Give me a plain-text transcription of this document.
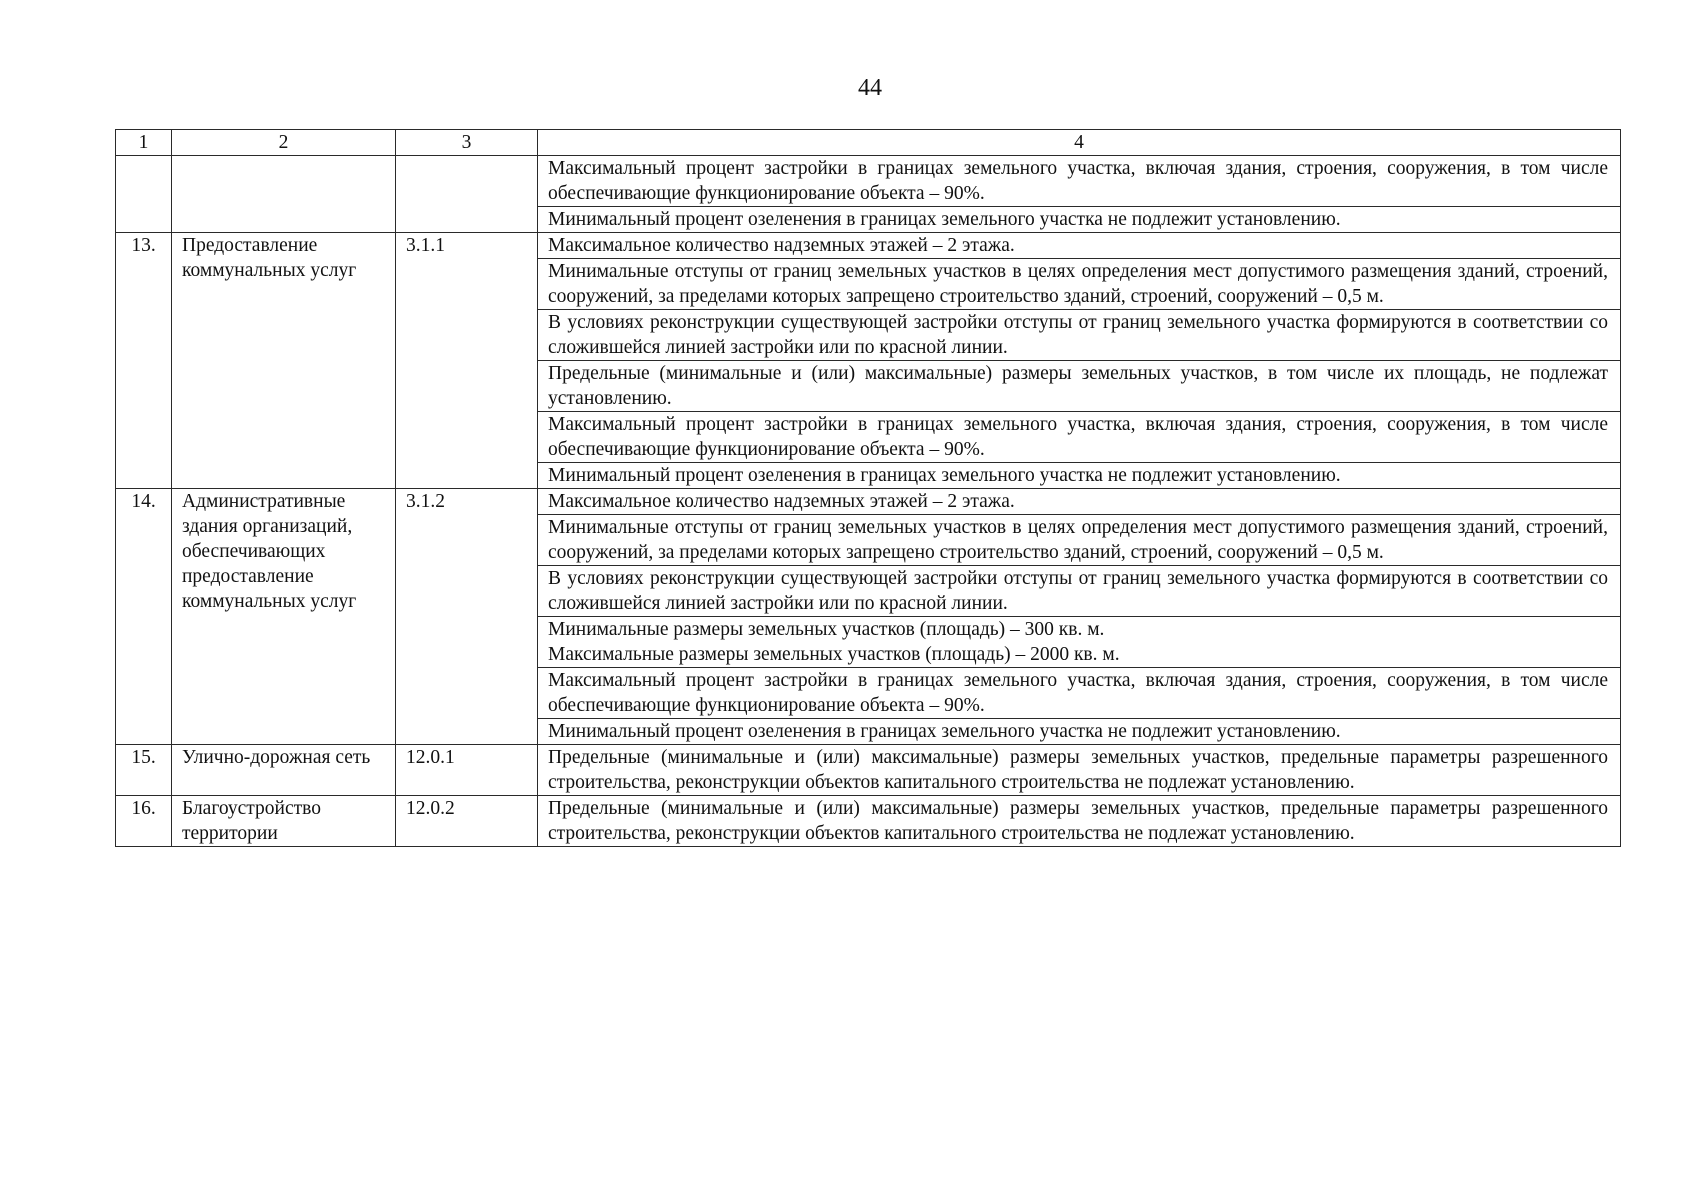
44
1	2	3	4
			Максимальный процент застройки в границах земельного участка, включая здания, строения, сооружения, в том числе обеспечивающие функционирование объекта – 90%.
			Минимальный процент озеленения в границах земельного участка не подлежит установлению.
13.	Предоставление коммунальных услуг	3.1.1	Максимальное количество надземных этажей – 2 этажа.
			Минимальные отступы от границ земельных участков в целях определения мест допустимого размещения зданий, строений, сооружений, за пределами которых запрещено строительство зданий, строений, сооружений – 0,5 м.
			В условиях реконструкции существующей застройки отступы от границ земельного участка формируются в соответствии со сложившейся линией застройки или по красной линии.
			Предельные (минимальные и (или) максимальные) размеры земельных участков, в том числе их площадь, не подлежат установлению.
			Максимальный процент застройки в границах земельного участка, включая здания, строения, сооружения, в том числе обеспечивающие функционирование объекта – 90%.
			Минимальный процент озеленения в границах земельного участка не подлежит установлению.
14.	Административные здания организаций, обеспечивающих предоставление коммунальных услуг	3.1.2	Максимальное количество надземных этажей – 2 этажа.
			Минимальные отступы от границ земельных участков в целях определения мест допустимого размещения зданий, строений, сооружений, за пределами которых запрещено строительство зданий, строений, сооружений – 0,5 м.
			В условиях реконструкции существующей застройки отступы от границ земельного участка формируются в соответствии со сложившейся линией застройки или по красной линии.

			Минимальные размеры земельных участков (площадь) – 300 кв. м.
Максимальные размеры земельных участков (площадь) – 2000 кв. м.

			Максимальный процент застройки в границах земельного участка, включая здания, строения, сооружения, в том числе обеспечивающие функционирование объекта – 90%.
			Минимальный процент озеленения в границах земельного участка не подлежит установлению.
15.	Улично-дорожная сеть	12.0.1	Предельные (минимальные и (или) максимальные) размеры земельных участков, предельные параметры разрешенного строительства, реконструкции объектов капитального строительства не подлежат установлению.
16.	Благоустройство территории	12.0.2	Предельные (минимальные и (или) максимальные) размеры земельных участков, предельные параметры разрешенного строительства, реконструкции объектов капитального строительства не подлежат установлению.
